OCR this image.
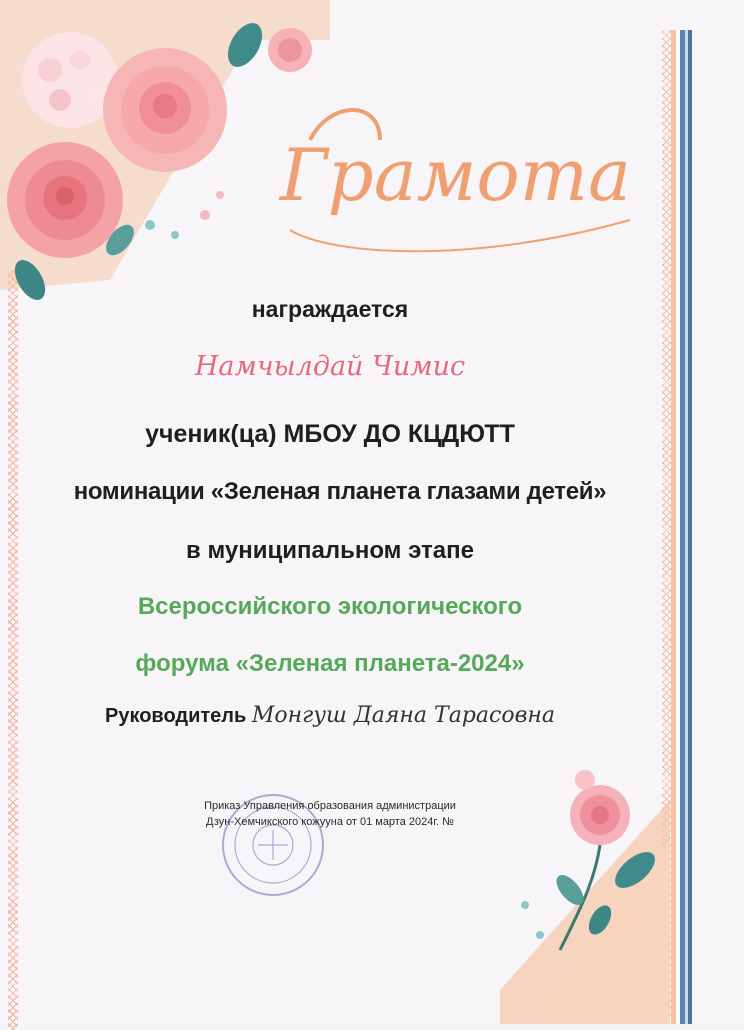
Грамота
награждается
Намчылдай Чимис
ученик(ца) МБОУ ДО КЦДЮТТ
номинации «Зеленая планета глазами детей»
в муниципальном этапе
Всероссийского экологического
форума «Зеленая планета-2024»
Руководитель Монгуш Даяна Тарасовна
Приказ Управления образования администрации
Дзун-Хемчикского кожууна от 01 марта 2024г. №
